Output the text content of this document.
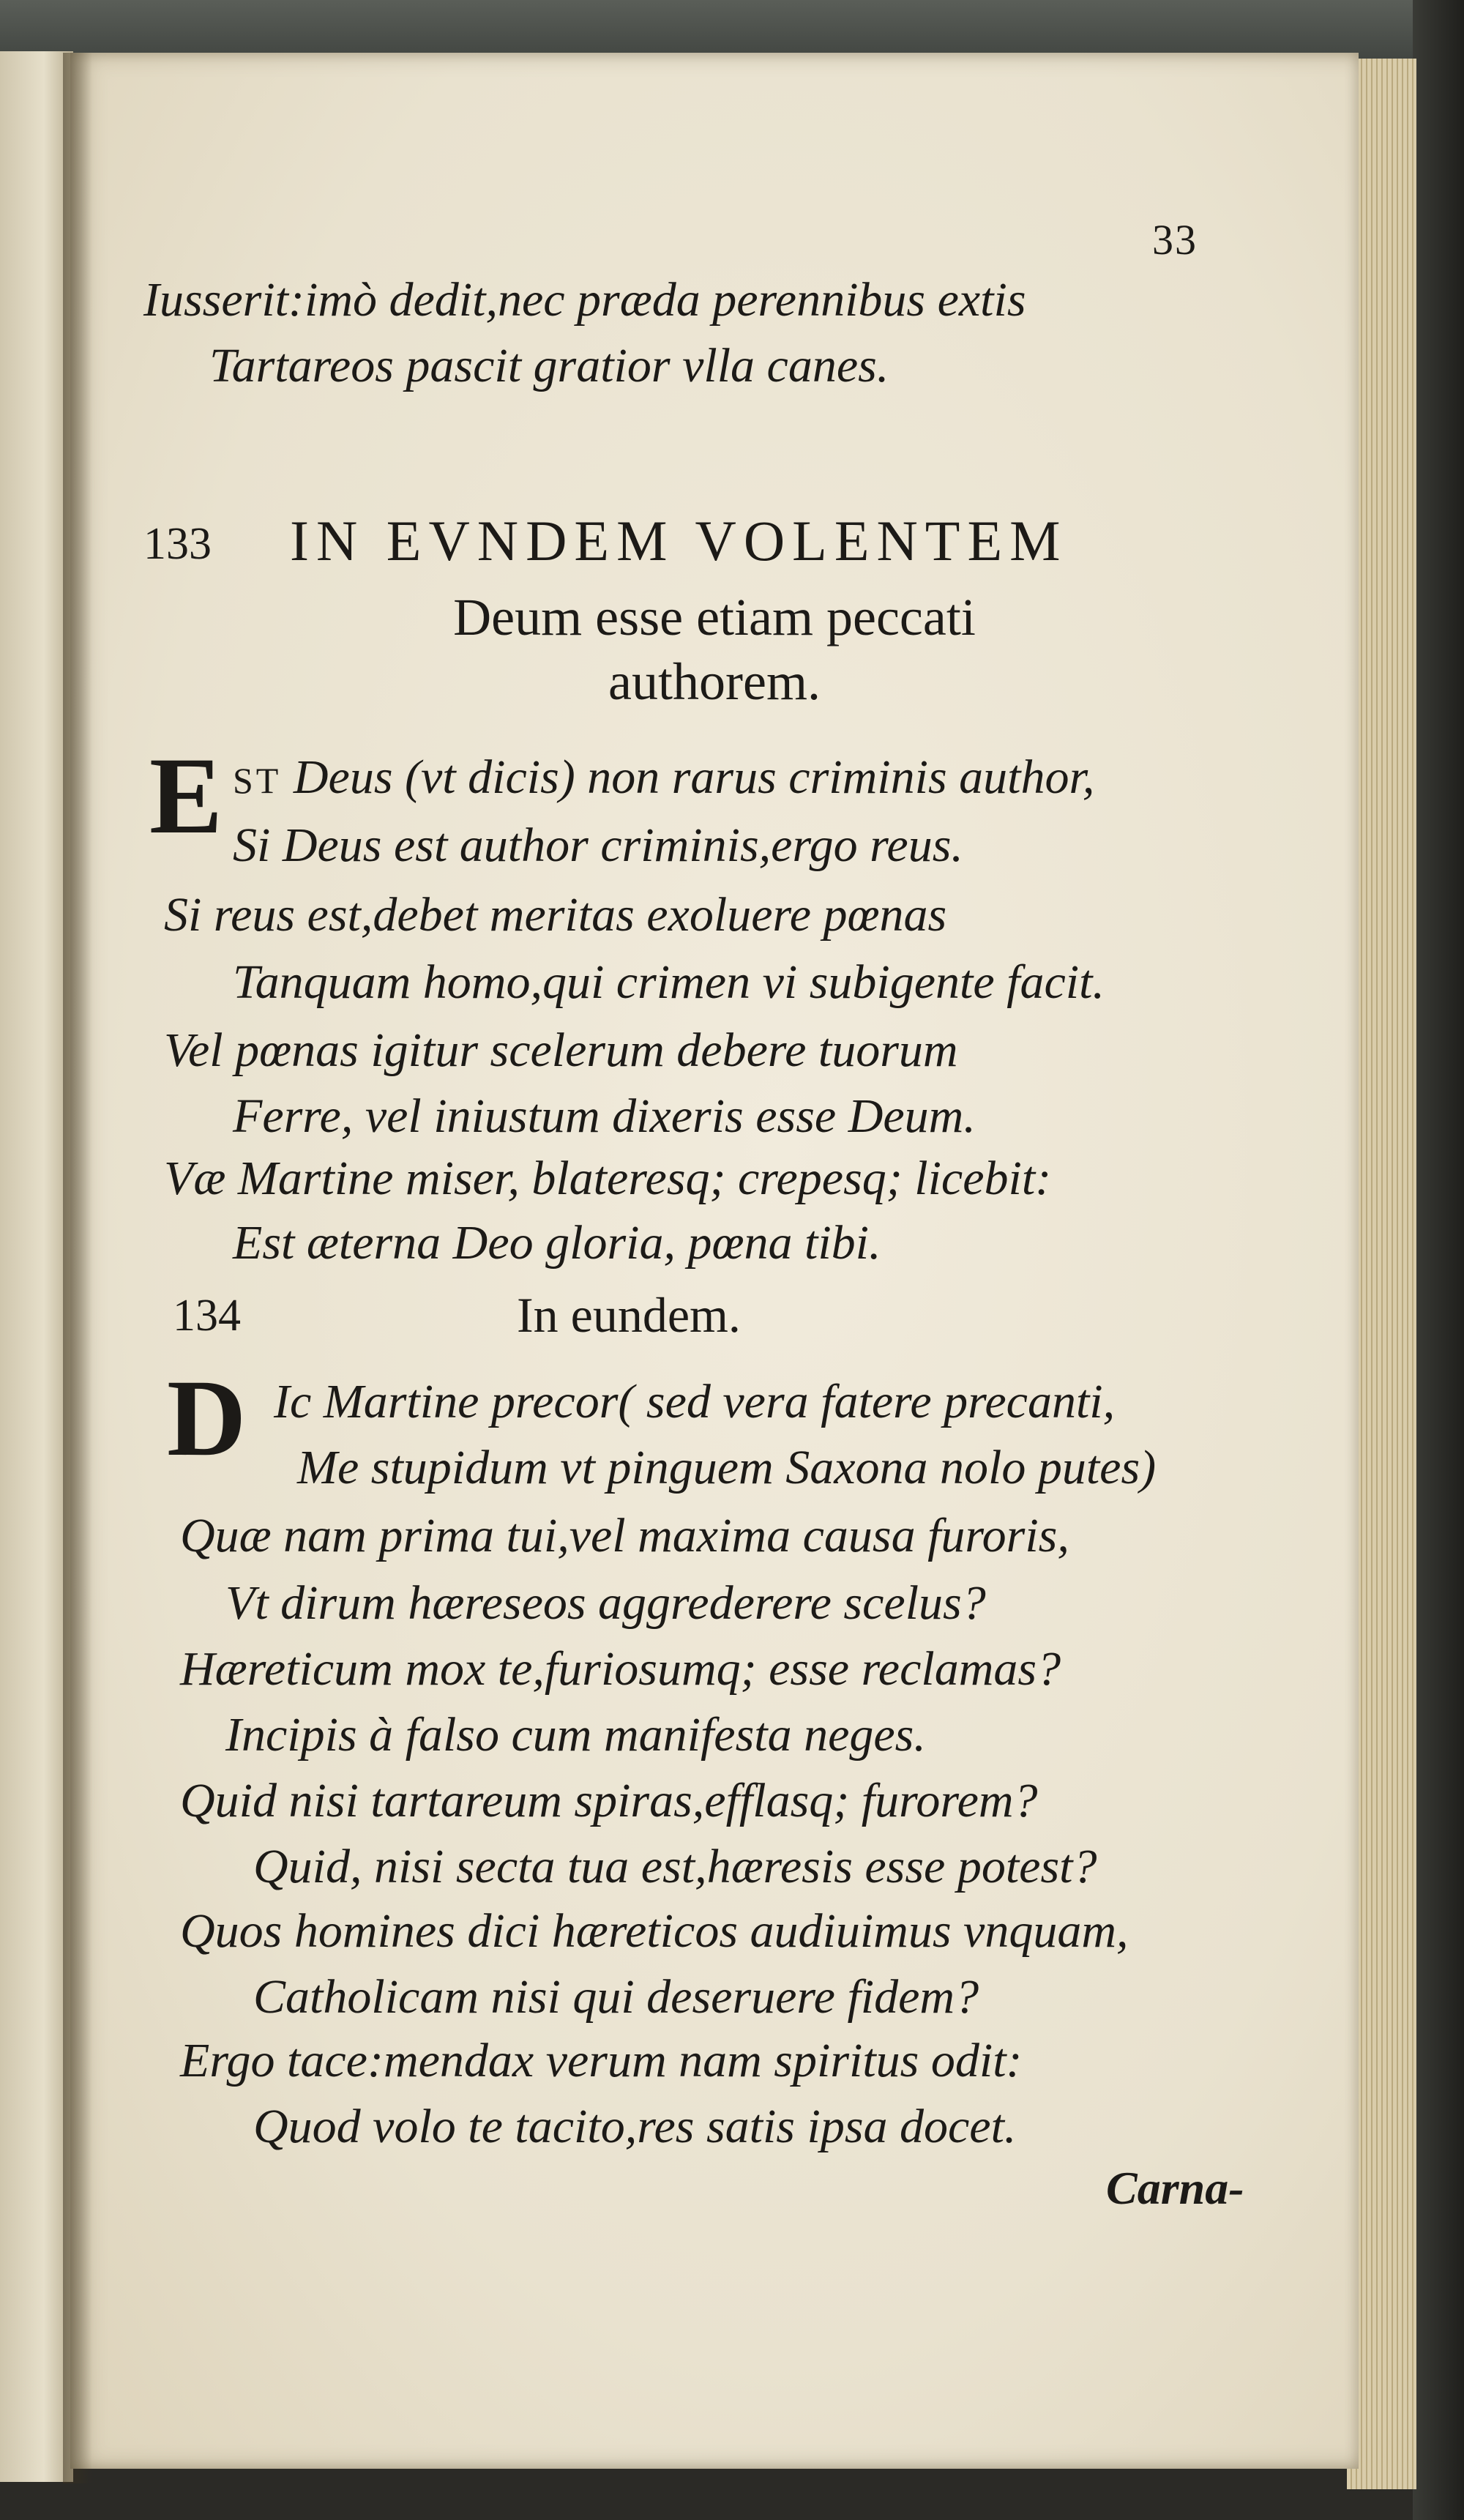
33
Iusserit:imò dedit,nec præda perennibus extis
Tartareos pascit gratior vlla canes.
133 IN EVNDEM VOLENTEM
Deum esse etiam peccati
authorem.
E ST Deus (vt dicis) non rarus criminis author,
Si Deus est author criminis,ergo reus.
Si reus est,debet meritas exoluere pœnas
Tanquam homo,qui crimen vi subigente facit.
Vel pœnas igitur scelerum debere tuorum
Ferre, vel iniustum dixeris esse Deum.
Væ Martine miser, blateresq; crepesq; licebit:
Est æterna Deo gloria, pœna tibi.
134	In eundem.
D Ic Martine precor( sed vera fatere precanti,
Me stupidum vt pinguem Saxona nolo putes)
Quæ nam prima tui,vel maxima causa furoris,
Vt dirum hæreseos aggrederere scelus?
Hæreticum mox te,furiosumq; esse reclamas?
Incipis à falso cum manifesta neges.
Quid nisi tartareum spiras,efflasq; furorem?
Quid, nisi secta tua est,hæresis esse potest?
Quos homines dici hæreticos audiuimus vnquam,
Catholicam nisi qui deseruere fidem?
Ergo tace:mendax verum nam spiritus odit:
Quod volo te tacito,res satis ipsa docet.
Carna-
